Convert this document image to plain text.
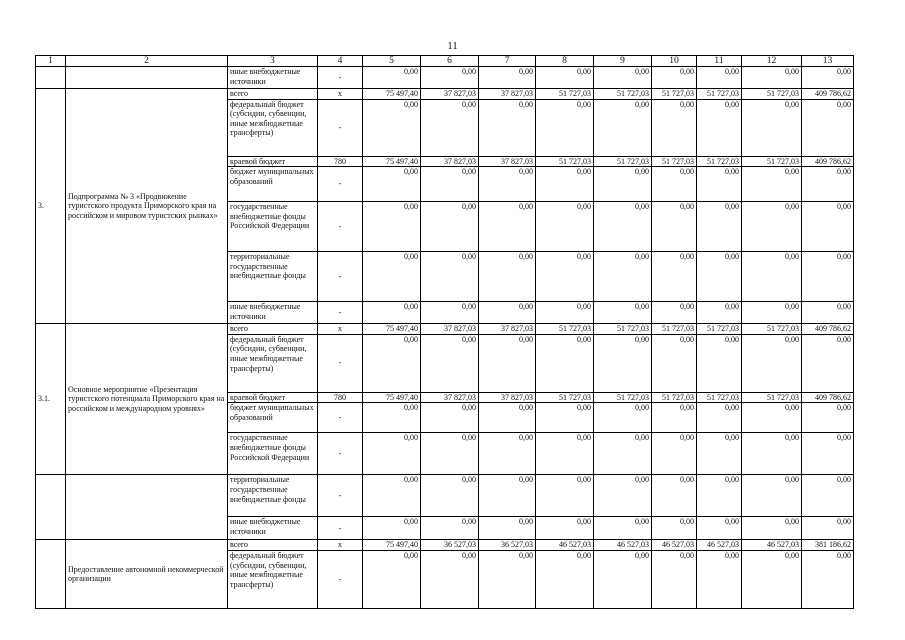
11
1	2	3	4	5	6	7	8	9	10	11	12	13
		иные внебюджетные источники	-	0,00	0,00	0,00	0,00	0,00	0,00	0,00	0,00	0,00
3.	Подпрограмма № 3 «Продвижение туристского продукта Приморского края на российском и мировом туристских рынках»	всего	x	75 497,40	37 827,03	37 827,03	51 727,03	51 727,03	51 727,03	51 727,03	51 727,03	409 786,62
		федеральный бюджет (субсидии, субвенции, иные межбюджетные трансферты)	-	0,00	0,00	0,00	0,00	0,00	0,00	0,00	0,00	0,00
		краевой бюджет	780	75 497,40	37 827,03	37 827,03	51 727,03	51 727,03	51 727,03	51 727,03	51 727,03	409 786,62
		бюджет муниципальных образований	-	0,00	0,00	0,00	0,00	0,00	0,00	0,00	0,00	0,00
		государственные внебюджетные фонды Российской Федерации	-	0,00	0,00	0,00	0,00	0,00	0,00	0,00	0,00	0,00
		территориальные государственные внебюджетные фонды	-	0,00	0,00	0,00	0,00	0,00	0,00	0,00	0,00	0,00
		иные внебюджетные источники	-	0,00	0,00	0,00	0,00	0,00	0,00	0,00	0,00	0,00
3.1.	Основное мероприятие «Презентация туристского потенциала Приморского края на российском и международном уровнях»	всего	x	75 497,40	37 827,03	37 827,03	51 727,03	51 727,03	51 727,03	51 727,03	51 727,03	409 786,62
		федеральный бюджет (субсидии, субвенции, иные межбюджетные трансферты)	-	0,00	0,00	0,00	0,00	0,00	0,00	0,00	0,00	0,00
		краевой бюджет	780	75 497,40	37 827,03	37 827,03	51 727,03	51 727,03	51 727,03	51 727,03	51 727,03	409 786,62
		бюджет муниципальных образований	-	0,00	0,00	0,00	0,00	0,00	0,00	0,00	0,00	0,00
		государственные внебюджетные фонды Российской Федерации	-	0,00	0,00	0,00	0,00	0,00	0,00	0,00	0,00	0,00
		территориальные государственные внебюджетные фонды	-	0,00	0,00	0,00	0,00	0,00	0,00	0,00	0,00	0,00
		иные внебюджетные источники	-	0,00	0,00	0,00	0,00	0,00	0,00	0,00	0,00	0,00
	Предоставление автономной некоммерческой организации	всего	x	75 497,40	36 527,03	36 527,03	46 527,03	46 527,03	46 527,03	46 527,03	46 527,03	381 186,62
		федеральный бюджет (субсидии, субвенции, иные межбюджетные трансферты)	-	0,00	0,00	0,00	0,00	0,00	0,00	0,00	0,00	0,00
